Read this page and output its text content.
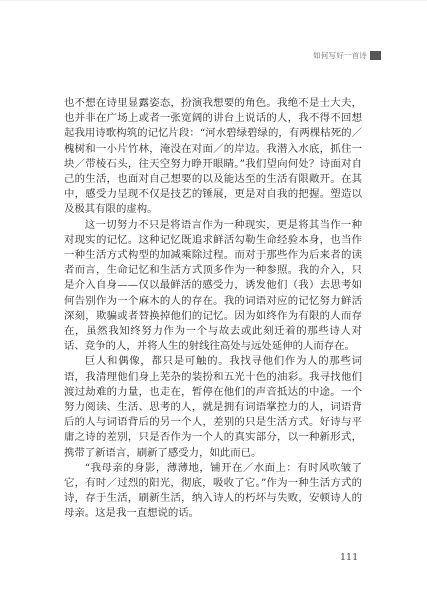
如何写好一首诗

也不想在诗里显露姿态，扮演我想要的角色。我绝不是士大夫，也并非在广场上或者一张宽阔的讲台上说话的人，我不得不回想起我用诗歌构筑的记忆片段：“河水碧绿碧绿的，有两棵枯死的／槐树和一小片竹林，淹没在对面／的岸边。我潜入水底，抓住一块／带棱石头，往天空努力睁开眼睛。”我们望向何处？诗面对自己的生活，也面对自己想要的以及能达至的生活有限敞开。在其中，感受力呈现不仅是技艺的锤展，更是对自我的把握。塑造以及极其有限的虚构。

这一切努力不只是将语言作为一种现实，更是将其当作一种对现实的记忆。这种记忆既追求鲜活勾勒生命经验本身，也当作一种生活方式构型的加减乘除过程。而对于那些作为后来者的读者而言，生命记忆和生活方式顶多作为一种参照。我的介入，只是介入自身——仅以最鲜活的感受力，诱发他们（我）去思考如何告别作为一个麻木的人的存在。我的词语对应的记忆努力鲜活深刻，欺骗或者替换掉他们的记忆。因为如终作为有限的人而存在，虽然我知终努力作为一个与故去或此刻迁着的那些诗人对话、竞争的人，并将人生的射线往高处与远处延伸的人而存在。

巨人和偶像，都只是可触的。我找寻他们作为人的那些词语，我清理他们身上芜杂的装扮和五光十色的油彩。我寻找他们渡过劫难的力量，也走在，暂停在他们的声音抵达的中途。一个努力阅读、生活、思考的人，就是拥有词语掌控力的人，词语背后的人与词语背后的另一个人，差别的只是生活方式。好诗与平庸之诗的差别，只是否作为一个人的真实部分，以一种新形式，携带了新语言，刷新了感受力，如此而已。

“我母亲的身影，薄薄地，铺开在／水面上：有时风吹皱了它，有时／过烈的阳光，彻底，吸收了它。”作为一种生活方式的诗，存于生活，刷新生活，纳入诗人的朽坏与失败，安顿诗人的母亲。这是我一直想说的话。

111
